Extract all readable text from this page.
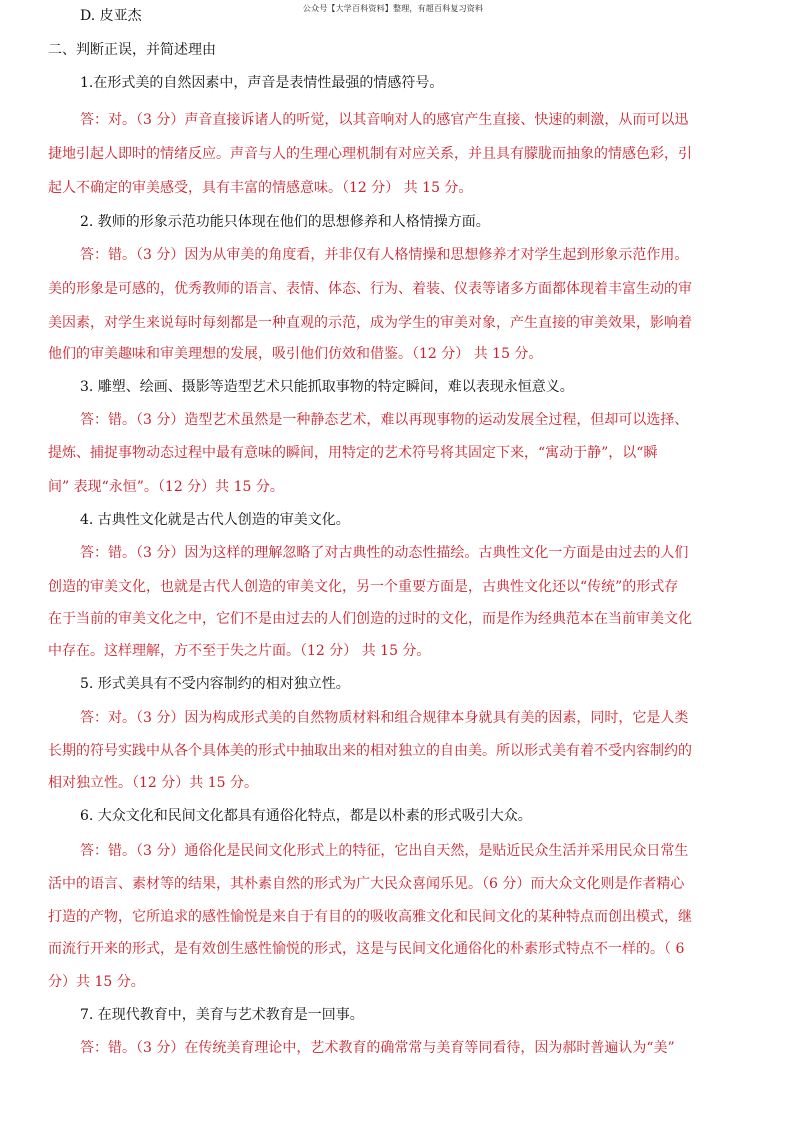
公众号【大学百科资料】整理，有超百科复习资料
D. 皮亚杰
二、判断正误，并简述理由
1.在形式美的自然因素中，声音是表情性最强的情感符号。
答：对。（3 分）声音直接诉诸人的听觉，以其音响对人的感官产生直接、快速的刺激，从而可以迅
捷地引起人即时的情绪反应。声音与人的生理心理机制有对应关系，并且具有朦胧而抽象的情感色彩，引
起人不确定的审美感受，具有丰富的情感意味。（12 分） 共 15 分。
2. 教师的形象示范功能只体现在他们的思想修养和人格情操方面。
答：错。（3 分）因为从审美的角度看，并非仅有人格情操和思想修养才对学生起到形象示范作用。
美的形象是可感的，优秀教师的语言、表情、体态、行为、着装、仪表等诸多方面都体现着丰富生动的审
美因素，对学生来说每时每刻都是一种直观的示范，成为学生的审美对象，产生直接的审美效果，影响着
他们的审美趣味和审美理想的发展，吸引他们仿效和借鉴。（12 分） 共 15 分。
3. 雕塑、绘画、摄影等造型艺术只能抓取事物的特定瞬间，难以表现永恒意义。
答：错。（3 分）造型艺术虽然是一种静态艺术，难以再现事物的运动发展全过程，但却可以选择、
提炼、捕捉事物动态过程中最有意味的瞬间，用特定的艺术符号将其固定下来，“寓动于静”，以“瞬
间” 表现“永恒”。（12 分）共 15 分。
4. 古典性文化就是古代人创造的审美文化。
答：错。（3 分）因为这样的理解忽略了对古典性的动态性描绘。古典性文化一方面是由过去的人们
创造的审美文化，也就是古代人创造的审美文化，另一个重要方面是，古典性文化还以“传统”的形式存
在于当前的审美文化之中，它们不是由过去的人们创造的过时的文化，而是作为经典范本在当前审美文化
中存在。这样理解，方不至于失之片面。（12 分） 共 15 分。
5. 形式美具有不受内容制约的相对独立性。
答：对。（3 分）因为构成形式美的自然物质材料和组合规律本身就具有美的因素，同时，它是人类
长期的符号实践中从各个具体美的形式中抽取出来的相对独立的自由美。所以形式美有着不受内容制约的
相对独立性。（12 分）共 15 分。
6. 大众文化和民间文化都具有通俗化特点，都是以朴素的形式吸引大众。
答：错。（3 分）通俗化是民间文化形式上的特征，它出自天然，是贴近民众生活并采用民众日常生
活中的语言、素材等的结果，其朴素自然的形式为广大民众喜闻乐见。（6 分）而大众文化则是作者精心
打造的产物，它所追求的感性愉悦是来自于有目的的吸收高雅文化和民间文化的某种特点而创出模式，继
而流行开来的形式，是有效创生感性愉悦的形式，这是与民间文化通俗化的朴素形式特点不一样的。（ 6
分）共 15 分。
7. 在现代教育中，美育与艺术教育是一回事。
答：错。（3 分）在传统美育理论中，艺术教育的确常常与美育等同看待，因为郝时普遍认为“美”
